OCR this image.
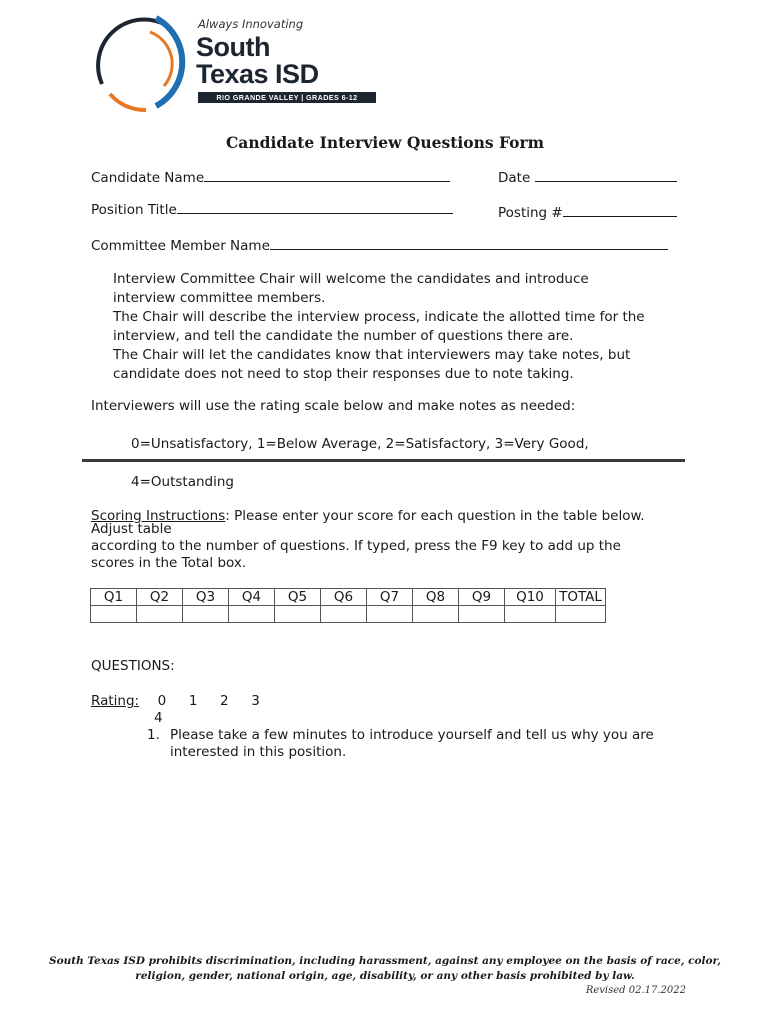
Always Innovating
South
Texas ISD
RIO GRANDE VALLEY | GRADES 6-12
Candidate Interview Questions Form
Candidate Name	Date
Position Title	Posting #
Committee Member Name
Interview Committee Chair will welcome the candidates and introduce interview committee members.
The Chair will describe the interview process, indicate the allotted time for the interview, and tell the candidate the number of questions there are.
The Chair will let the candidates know that interviewers may take notes, but candidate does not need to stop their responses due to note taking.
Interviewers will use the rating scale below and make notes as needed:
0=Unsatisfactory, 1=Below Average, 2=Satisfactory, 3=Very Good,
4=Outstanding
Scoring Instructions: Please enter your score for each question in the table below.
Adjust table
according to the number of questions. If typed, press the F9 key to add up the
scores in the Total box.
Q1	Q2	Q3	Q4	Q5	Q6	Q7	Q8	Q9	Q10	TOTAL

QUESTIONS:
Rating: 0 1 2 3
4
1. Please take a few minutes to introduce yourself and tell us why you are
interested in this position.
South Texas ISD prohibits discrimination, including harassment, against any employee on the basis of race, color,
religion, gender, national origin, age, disability, or any other basis prohibited by law.
Revised 02.17.2022
